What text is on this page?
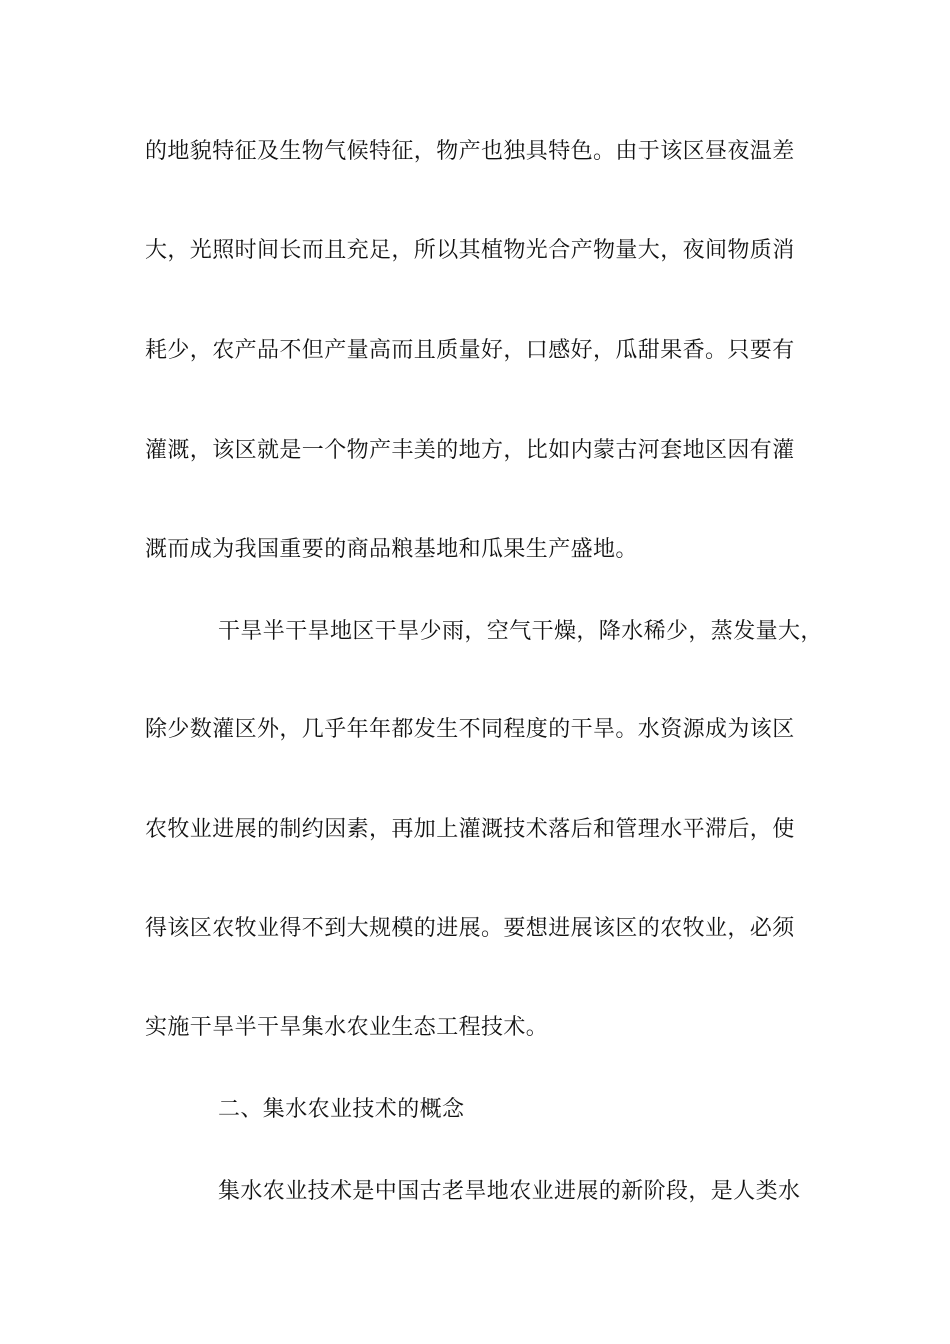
的地貌特征及生物气候特征，物产也独具特色。由于该区昼夜温差
大，光照时间长而且充足，所以其植物光合产物量大，夜间物质消
耗少，农产品不但产量高而且质量好，口感好，瓜甜果香。只要有
灌溉，该区就是一个物产丰美的地方，比如内蒙古河套地区因有灌
溉而成为我国重要的商品粮基地和瓜果生产盛地。
干旱半干旱地区干旱少雨，空气干燥，降水稀少，蒸发量大，
除少数灌区外，几乎年年都发生不同程度的干旱。水资源成为该区
农牧业进展的制约因素，再加上灌溉技术落后和管理水平滞后，使
得该区农牧业得不到大规模的进展。要想进展该区的农牧业，必须
实施干旱半干旱集水农业生态工程技术。
二、集水农业技术的概念
集水农业技术是中国古老旱地农业进展的新阶段，是人类水
